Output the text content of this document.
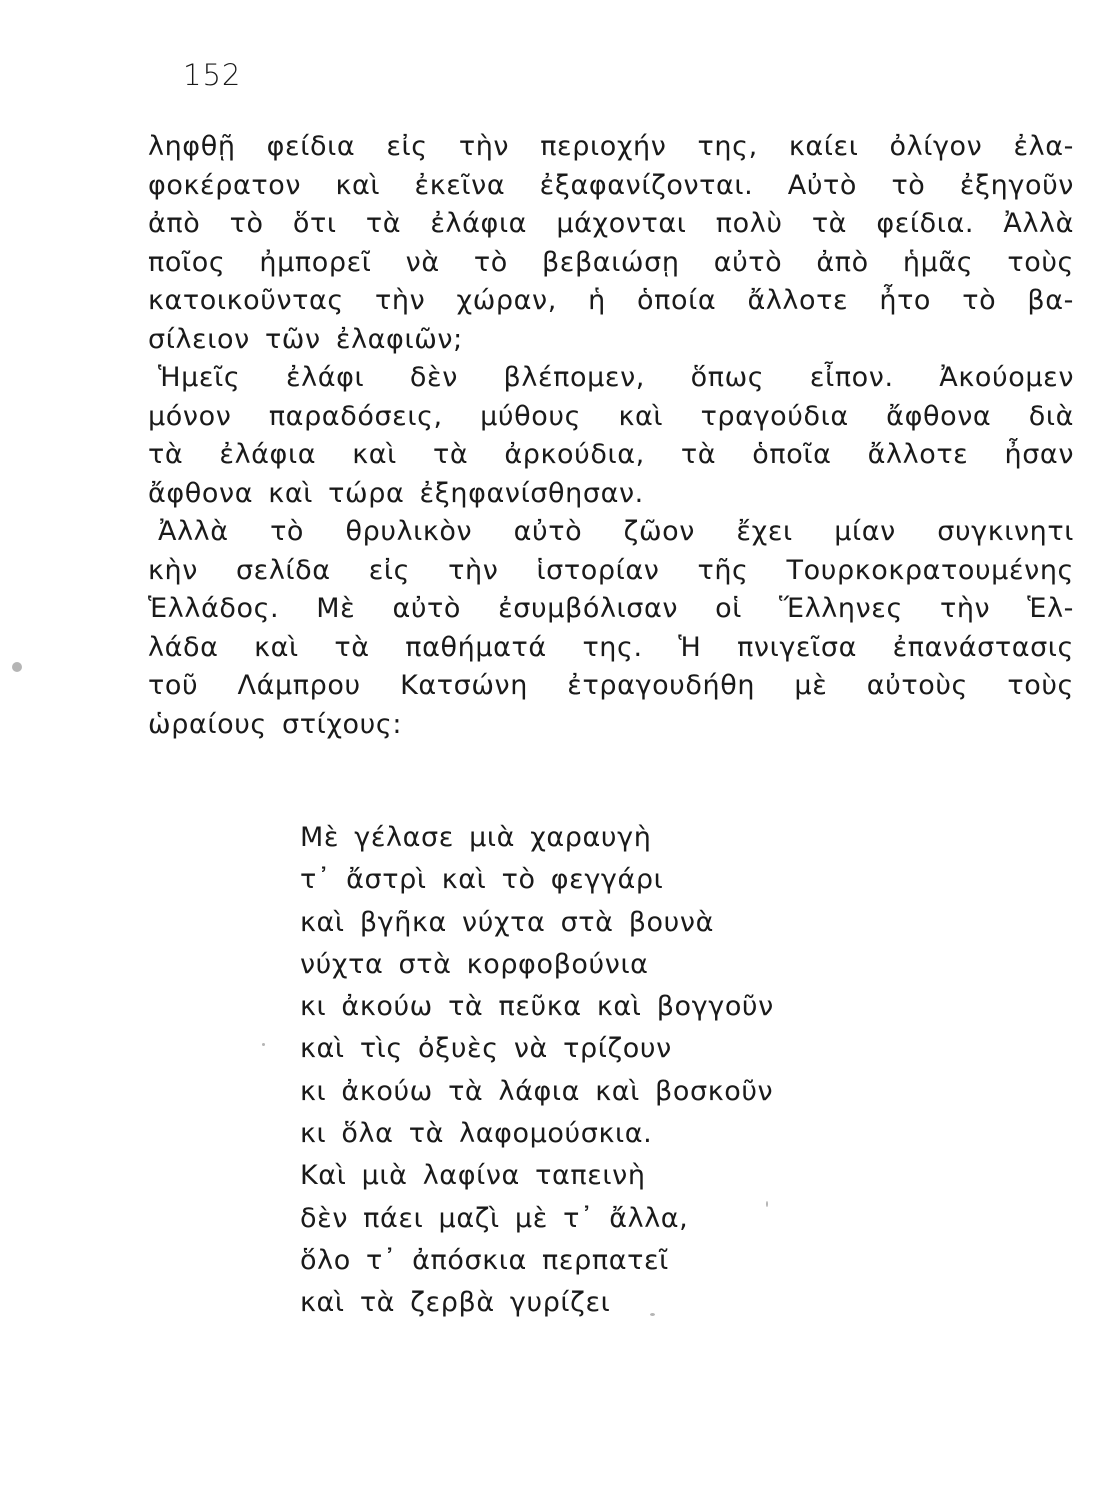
152
ληφθῇ φείδια εἰς τὴν περιοχήν της, καίει ὀλίγον ἐλα-
φοκέρατον καὶ ἐκεῖνα ἐξαφανίζονται. Αὐτὸ τὸ ἐξηγοῦν
ἀπὸ τὸ ὅτι τὰ ἐλάφια μάχονται πολὺ τὰ φείδια. Ἀλλὰ
ποῖος ἠμπορεῖ νὰ τὸ βεβαιώσῃ αὐτὸ ἀπὸ ἡμᾶς τοὺς
κατοικοῦντας τὴν χώραν, ἡ ὁποία ἄλλοτε ἦτο τὸ βα-
σίλειον τῶν ἐλαφιῶν;
Ἡμεῖς ἐλάφι δὲν βλέπομεν, ὅπως εἶπον. Ἀκούομεν
μόνον παραδόσεις, μύθους καὶ τραγούδια ἄφθονα διὰ
τὰ ἐλάφια καὶ τὰ ἀρκούδια, τὰ ὁποῖα ἄλλοτε ἦσαν
ἄφθονα καὶ τώρα ἐξηφανίσθησαν.
Ἀλλὰ τὸ θρυλικὸν αὐτὸ ζῶον ἔχει μίαν συγκινητι
κὴν σελίδα εἰς τὴν ἱστορίαν τῆς Τουρκοκρατουμένης
Ἑλλάδος. Μὲ αὐτὸ ἐσυμβόλισαν οἱ Ἕλληνες τὴν Ἑλ-
λάδα καὶ τὰ παθήματά της. Ἡ πνιγεῖσα ἐπανάστασις
τοῦ Λάμπρου Κατσώνη ἐτραγουδήθη μὲ αὐτοὺς τοὺς
ὡραίους στίχους:
Μὲ γέλασε μιὰ χαραυγὴ
τ᾽ ἄστρὶ καὶ τὸ φεγγάρι
καὶ βγῆκα νύχτα στὰ βουνὰ
νύχτα στὰ κορφοβούνια
κι ἀκούω τὰ πεῦκα καὶ βογγοῦν
καὶ τὶς ὀξυὲς νὰ τρίζουν
κι ἀκούω τὰ λάφια καὶ βοσκοῦν
κι ὅλα τὰ λαφομούσκια.
Καὶ μιὰ λαφίνα ταπεινὴ
δὲν πάει μαζὶ μὲ τ᾽ ἄλλα,
ὅλο τ᾽ ἀπόσκια περπατεῖ
καὶ τὰ ζερβὰ γυρίζει
